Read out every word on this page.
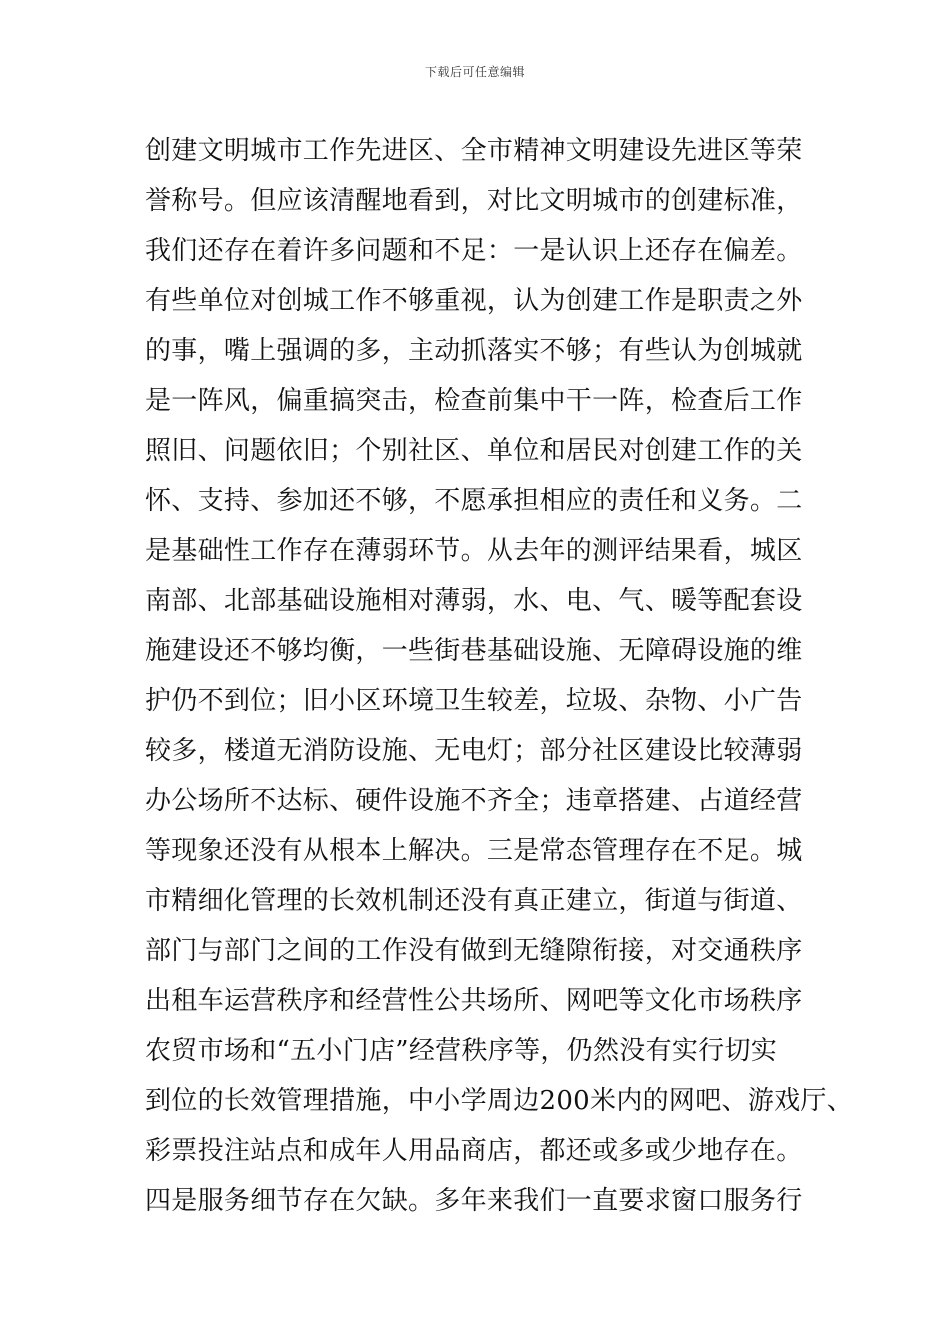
下载后可任意编辑
创建文明城市工作先进区、全市精神文明建设先进区等荣
誉称号。但应该清醒地看到，对比文明城市的创建标准，
我们还存在着许多问题和不足：一是认识上还存在偏差。
有些单位对创城工作不够重视，认为创建工作是职责之外
的事，嘴上强调的多，主动抓落实不够；有些认为创城就
是一阵风，偏重搞突击，检查前集中干一阵，检查后工作
照旧、问题依旧；个别社区、单位和居民对创建工作的关
怀、支持、参加还不够，不愿承担相应的责任和义务。二
是基础性工作存在薄弱环节。从去年的测评结果看，城区
南部、北部基础设施相对薄弱，水、电、气、暖等配套设
施建设还不够均衡，一些街巷基础设施、无障碍设施的维
护仍不到位；旧小区环境卫生较差，垃圾、杂物、小广告
较多，楼道无消防设施、无电灯；部分社区建设比较薄弱
办公场所不达标、硬件设施不齐全；违章搭建、占道经营
等现象还没有从根本上解决。三是常态管理存在不足。城
市精细化管理的长效机制还没有真正建立，街道与街道、
部门与部门之间的工作没有做到无缝隙衔接，对交通秩序
出租车运营秩序和经营性公共场所、网吧等文化市场秩序
农贸市场和“五小门店”经营秩序等，仍然没有实行切实
到位的长效管理措施，中小学周边200米内的网吧、游戏厅、
彩票投注站点和成年人用品商店，都还或多或少地存在。
四是服务细节存在欠缺。多年来我们一直要求窗口服务行
